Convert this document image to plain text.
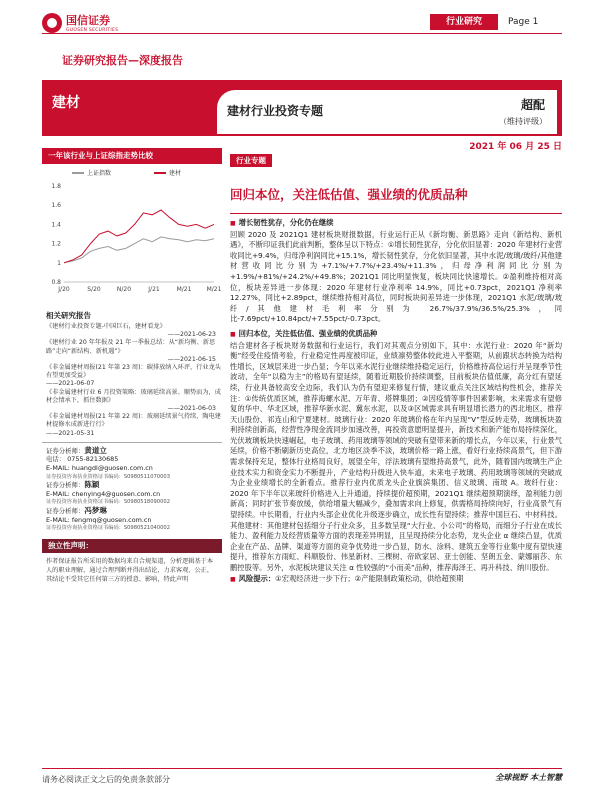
国信证券
GUOSEN SECURITIES
行业研究	Page 1
证券研究报告—深度报告
建材	建材行业投资专题	超配
（维持评级）
2021 年 06 月 25 日
一年该行业与上证综指走势比较
上证指数	建材
0.8
1
1.2
1.4
1.6
1.8
J/20	S/20	N/20	J/21	M/21	M/21
相关研究报告
《建材行业投资专题-中国巨石，建材看龙》
——2021-06-23
《建材行业 20 年年报及 21 年一季报总结：从“新均衡、新思路”走向“新结构、新机遇”》
——2021-06-15
《非金属建材周报(21 年第 23 周)：碳排放纳入环评，行业龙头有望更加受益》
——2021-06-07
《非金属建材行业 6 月投资策略：玻璃延续高景、顺势而为，成材会情承下，抓住数据》
——2021-06-03
《非金属建材周报(21 年第 22 周)：玻璃延续景气持续，陶电建材提修水成新进行行》
——2021-05-31
证券分析师：黄道立
电话： 0755-82130685
E-MAIL: huangdl@guosen.com.cn
证券投资咨询执业资格证书编码：S0980511070003
证券分析师：陈颖
E-MAIL: chenying4@guosen.com.cn
证券投资咨询执业资格证书编码：S0980518090002
证券分析师：冯梦琳
E-MAIL: fengmq@guosen.com.cn
证券投资咨询执业资格证书编码：S0980521040002
独立性声明：
作者保证报告所采用的数据均来自合规渠道，分析逻辑基于本人的职业理解，通过合理判断并得出结论，力求客观、公正，其结论不受其它任何第三方的授意、影响，特此声明
行业专题
回归本位，关注低估值、强业绩的优质品种
■ 增长韧性犹存，分化仍在继续
回顾 2020 及 2021Q1 建材板块财报数据，行业运行正从《新均衡、新思路》走向《新结构、新机遇》，不断印证我们此前判断，整体呈以下特点：①增长韧性犹存，分化依旧显著：2020 年建材行业营收同比+9.4%，归母净利润同比+15.1%，增长韧性犹存，分化依旧显著，其中水泥/玻璃/玻纤/其他建材营收同比分别为+7.1%/+7.7%/+23.4%/+11.3%，归母净利润同比分别为+1.9%/+81%/+24.2%/+49.8%；2021Q1 同比明显恢复，板块同比快速增长。②盈利维持相对高位，板块差异进一步体现：2020 年建材行业净利率 14.9%，同比+0.73pct，2021Q1 净利率 12.27%，同比+2.89pct，继续维持相对高位，同时板块间差异进一步体现，2021Q1 水泥/玻璃/玻纤/其他建材毛利率分别为 26.7%/37.9%/36.5%/25.3%，同比-7.69pct/+10.84pct/+7.55pct/-0.73pct。
■ 回归本位，关注低估值、强业绩的优质品种
结合建材各子板块财务数据和行业运行，我们对其观点分别如下，其中：水泥行业：2020 年“新均衡”经受住疫情考验，行业稳定性再度被印证，业绩凛势整体较此进入平整期，从前跟状态转换为结构性增长，区域层来进一步凸显；今年以来水泥行业继续维持稳定运行，价格维持高位运行并呈现季节性波动，全年“以稳为主”的格局有望延续，随着近期股价持续调整，目前板块估值低廉，高分红有望延续，行业具备较高安全边际，我们认为仍有望迎来修复行情，建议重点关注区域结构性机会，推荐关注：①传统优质区域，推荐海螺水泥、万年青、塔牌集团；②因疫情等事件因素影响，未来需求有望修复的华中、华北区域，推荐华新水泥、冀东水泥，以及③区域需求具有明显增长潜力的西北地区，推荐天山股份、祁连山和宁夏建材。玻璃行业：2020 年玻璃价格在年内呈现“V”型反转走势，玻璃板块盈利持续创新高，经营性净现金流同步加速改善，再投资意愿明显提升，新技术和新产能布局持续深化，光伏玻璃板块快速崛起，电子玻璃、药用玻璃等领域的突破有望带来新的增长点，今年以来，行业景气延续，价格不断刷新历史高位，北方地区淡季不淡，玻璃价格一路上涨，看好行业持续高景气，但下游需求保持充足，整体行业格局良好，展望全年，浮法玻璃有望维持高景气，此外，随着国内玻璃生产企业技术实力和资金实力不断提升，产业结构升级进入快车道，未来电子玻璃、药用玻璃等领域的突破成为企业业绩增长的全新看点。推荐行业内优质龙头企业旗滨集团、信义玻璃、南玻 A。玻纤行业：2020 年下半年以来玻纤价格进入上升通道，持续提价超预期，2021Q1 继续超预期演绎，盈利能力创新高；同时扩张节奏放缓，供给增量大幅减少，叠加需求向上修复，供需格局持续向好，行业高景气有望持续。中长期看，行业内头部企业优化升级逐步确立，成长性有望持续；推荐中国巨石、中材科技。其他建材：其他建材包括细分子行业众多，且多数呈现“大行业、小公司”的格局，而细分子行业在成长能力、盈利能力及经营质量等方面的表现差异明显，且呈现持续分化态势，龙头企业 α 继续凸显，优质企业在产品、品牌、渠道等方面的竞争优势进一步凸显，防水、涂料、建筑五金等行业集中度有望快速提升，推荐东方雨虹、科顺股份、伟星新材、三棵树、帝欧家居、亚士创能、坚朗五金、蒙娜丽莎、东鹏控股等。另外，水泥板块建议关注 α 性较强的“小而美”品种，推荐海泽王、再升科技、纳川股份。
■ 风险提示：①宏观经济进一步下行；②产能限制政策松动，供给超预期
请务必阅读正文之后的免责条款部分	全球视野 本土智慧
